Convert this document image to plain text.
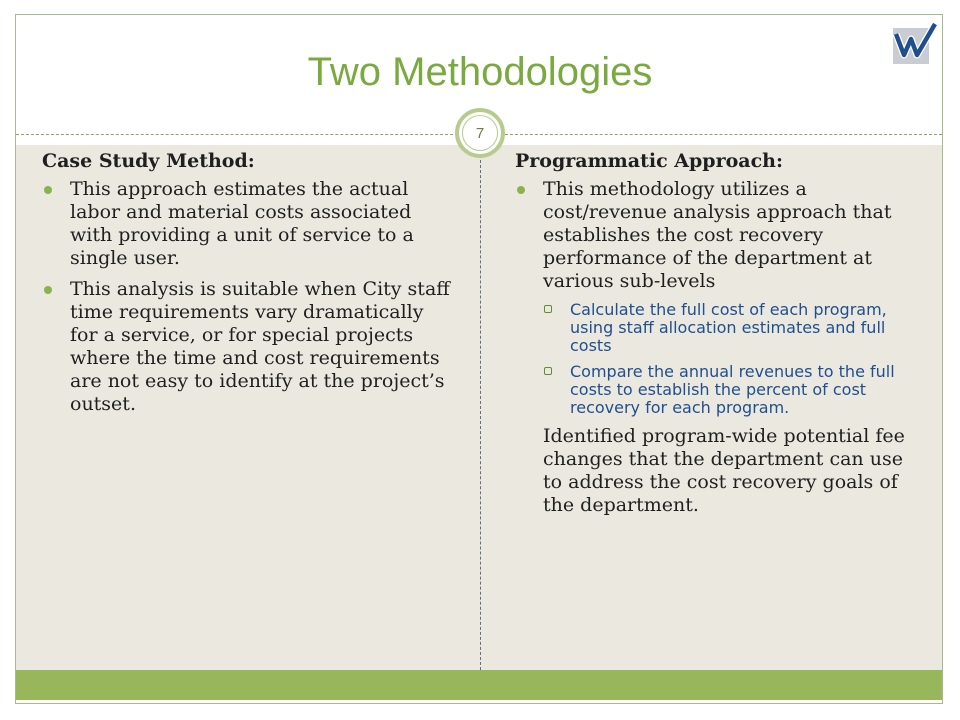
Two Methodologies
7
Case Study Method:
This approach estimates the actual labor and material costs associated with providing a unit of service to a single user.
This analysis is suitable when City staff time requirements vary dramatically for a service, or for special projects where the time and cost requirements are not easy to identify at the project’s outset.
Programmatic Approach:
This methodology utilizes a cost/revenue analysis approach that establishes the cost recovery performance of the department at various sub-levels
Calculate the full cost of each program, using staff allocation estimates and full costs
Compare the annual revenues to the full costs to establish the percent of cost recovery for each program.

Identified program-wide potential fee changes that the department can use to address the cost recovery goals of the department.
